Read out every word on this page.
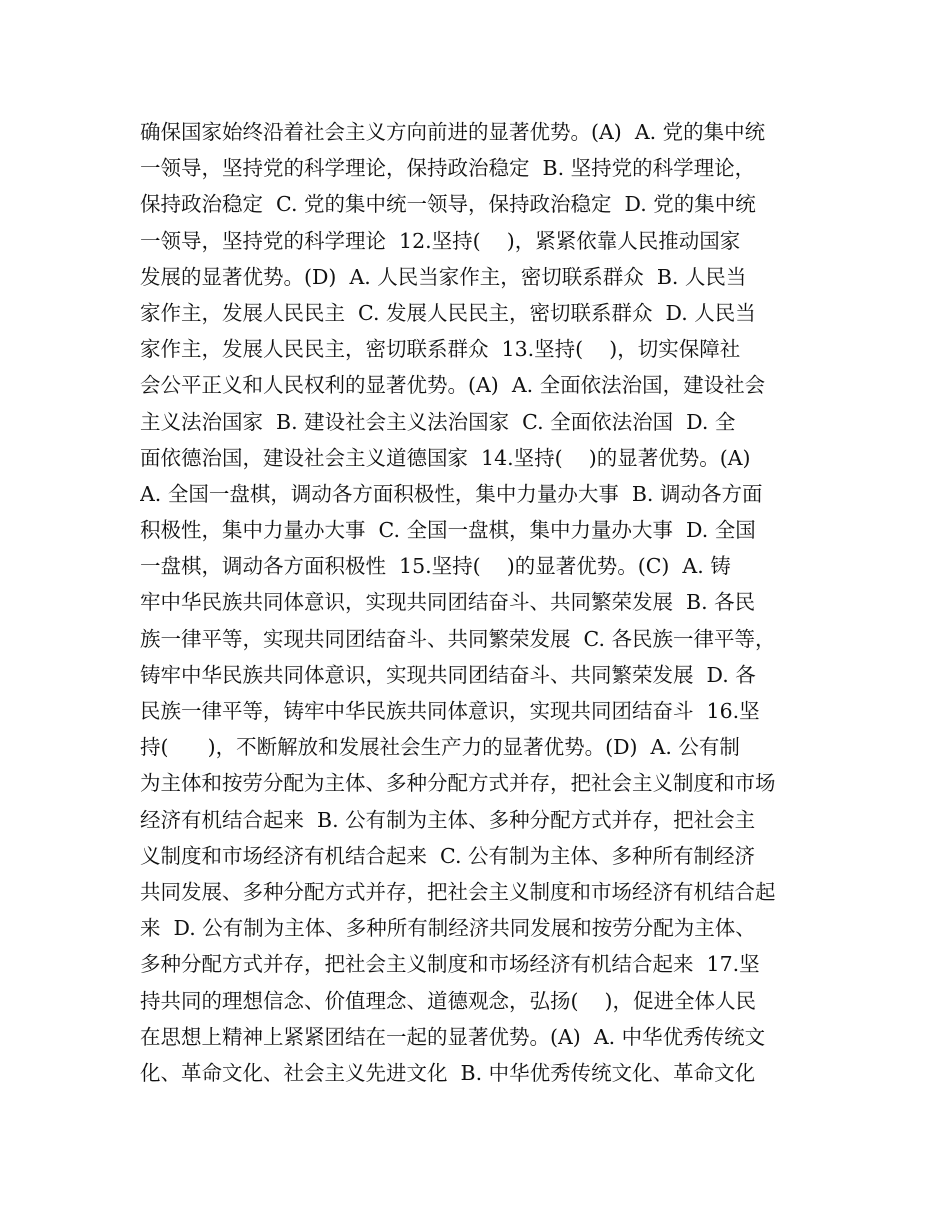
确保国家始终沿着社会主义方向前进的显著优势。(A)  A. 党的集中统
一领导，坚持党的科学理论，保持政治稳定  B. 坚持党的科学理论，
保持政治稳定  C. 党的集中统一领导，保持政治稳定  D. 党的集中统
一领导，坚持党的科学理论  12.坚持(    )，紧紧依靠人民推动国家
发展的显著优势。(D)  A. 人民当家作主，密切联系群众  B. 人民当
家作主，发展人民民主  C. 发展人民民主，密切联系群众  D. 人民当
家作主，发展人民民主，密切联系群众  13.坚持(    )，切实保障社
会公平正义和人民权利的显著优势。(A)  A. 全面依法治国，建设社会
主义法治国家  B. 建设社会主义法治国家  C. 全面依法治国  D. 全
面依德治国，建设社会主义道德国家  14.坚持(    )的显著优势。(A)
A. 全国一盘棋，调动各方面积极性，集中力量办大事  B. 调动各方面
积极性，集中力量办大事  C. 全国一盘棋，集中力量办大事  D. 全国
一盘棋，调动各方面积极性  15.坚持(    )的显著优势。(C)  A. 铸
牢中华民族共同体意识，实现共同团结奋斗、共同繁荣发展  B. 各民
族一律平等，实现共同团结奋斗、共同繁荣发展  C. 各民族一律平等，
铸牢中华民族共同体意识，实现共同团结奋斗、共同繁荣发展  D. 各
民族一律平等，铸牢中华民族共同体意识，实现共同团结奋斗  16.坚
持(      )，不断解放和发展社会生产力的显著优势。(D)  A. 公有制
为主体和按劳分配为主体、多种分配方式并存，把社会主义制度和市场
经济有机结合起来  B. 公有制为主体、多种分配方式并存，把社会主
义制度和市场经济有机结合起来  C. 公有制为主体、多种所有制经济
共同发展、多种分配方式并存，把社会主义制度和市场经济有机结合起
来  D. 公有制为主体、多种所有制经济共同发展和按劳分配为主体、
多种分配方式并存，把社会主义制度和市场经济有机结合起来  17.坚
持共同的理想信念、价值理念、道德观念，弘扬(    )，促进全体人民
在思想上精神上紧紧团结在一起的显著优势。(A)  A. 中华优秀传统文
化、革命文化、社会主义先进文化  B. 中华优秀传统文化、革命文化
